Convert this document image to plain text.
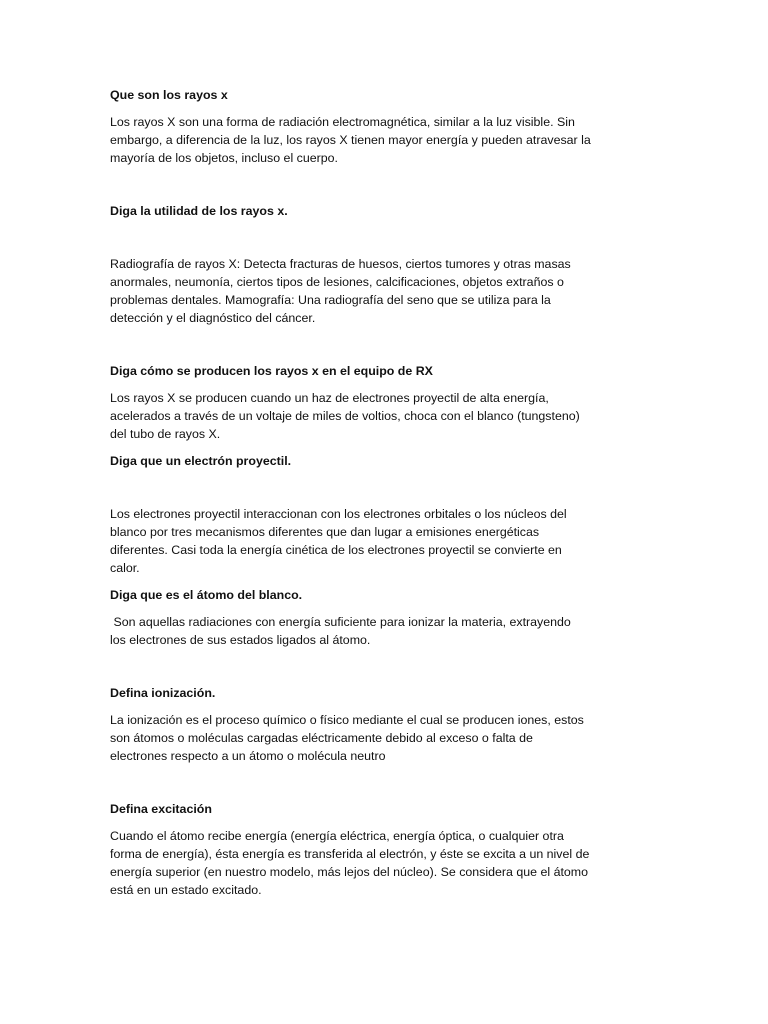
Que son los rayos x

Los rayos X son una forma de radiación electromagnética, similar a la luz visible. Sin
embargo, a diferencia de la luz, los rayos X tienen mayor energía y pueden atravesar la
mayoría de los objetos, incluso el cuerpo.

Diga la utilidad de los rayos x.

Radiografía de rayos X: Detecta fracturas de huesos, ciertos tumores y otras masas
anormales, neumonía, ciertos tipos de lesiones, calcificaciones, objetos extraños o
problemas dentales. Mamografía: Una radiografía del seno que se utiliza para la
detección y el diagnóstico del cáncer.

Diga cómo se producen los rayos x en el equipo de RX

Los rayos X se producen cuando un haz de electrones proyectil de alta energía,
acelerados a través de un voltaje de miles de voltios, choca con el blanco (tungsteno)
del tubo de rayos X.

Diga que un electrón proyectil.

Los electrones proyectil interaccionan con los electrones orbitales o los núcleos del
blanco por tres mecanismos diferentes que dan lugar a emisiones energéticas
diferentes. Casi toda la energía cinética de los electrones proyectil se convierte en
calor.

Diga que es el átomo del blanco.

Son aquellas radiaciones con energía suficiente para ionizar la materia, extrayendo
los electrones de sus estados ligados al átomo.

Defina ionización.

La ionización es el proceso químico o físico mediante el cual se producen iones, estos
son átomos o moléculas cargadas eléctricamente debido al exceso o falta de
electrones respecto a un átomo o molécula neutro

Defina excitación

Cuando el átomo recibe energía (energía eléctrica, energía óptica, o cualquier otra
forma de energía), ésta energía es transferida al electrón, y éste se excita a un nivel de
energía superior (en nuestro modelo, más lejos del núcleo). Se considera que el átomo
está en un estado excitado.
